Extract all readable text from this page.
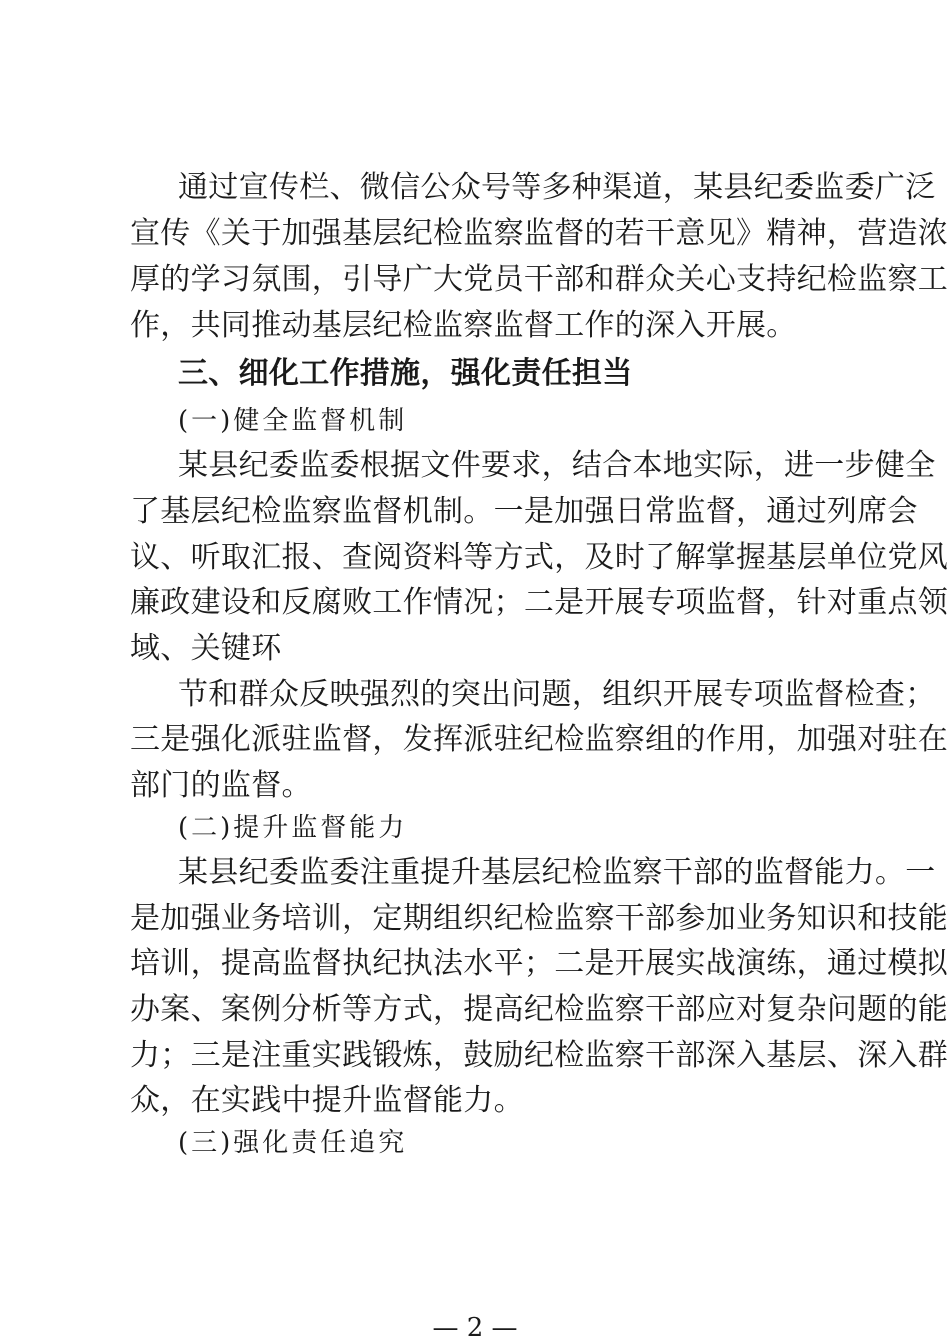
通过宣传栏、微信公众号等多种渠道，某县纪委监委广泛
宣传《关于加强基层纪检监察监督的若干意见》精神，营造浓
厚的学习氛围，引导广大党员干部和群众关心支持纪检监察工
作，共同推动基层纪检监察监督工作的深入开展。
三、细化工作措施，强化责任担当
(一)健全监督机制
某县纪委监委根据文件要求，结合本地实际，进一步健全
了基层纪检监察监督机制。一是加强日常监督，通过列席会
议、听取汇报、查阅资料等方式，及时了解掌握基层单位党风
廉政建设和反腐败工作情况；二是开展专项监督，针对重点领
域、关键环
节和群众反映强烈的突出问题，组织开展专项监督检查；
三是强化派驻监督，发挥派驻纪检监察组的作用，加强对驻在
部门的监督。
(二)提升监督能力
某县纪委监委注重提升基层纪检监察干部的监督能力。一
是加强业务培训，定期组织纪检监察干部参加业务知识和技能
培训，提高监督执纪执法水平；二是开展实战演练，通过模拟
办案、案例分析等方式，提高纪检监察干部应对复杂问题的能
力；三是注重实践锻炼，鼓励纪检监察干部深入基层、深入群
众，在实践中提升监督能力。
(三)强化责任追究
— 2 —
